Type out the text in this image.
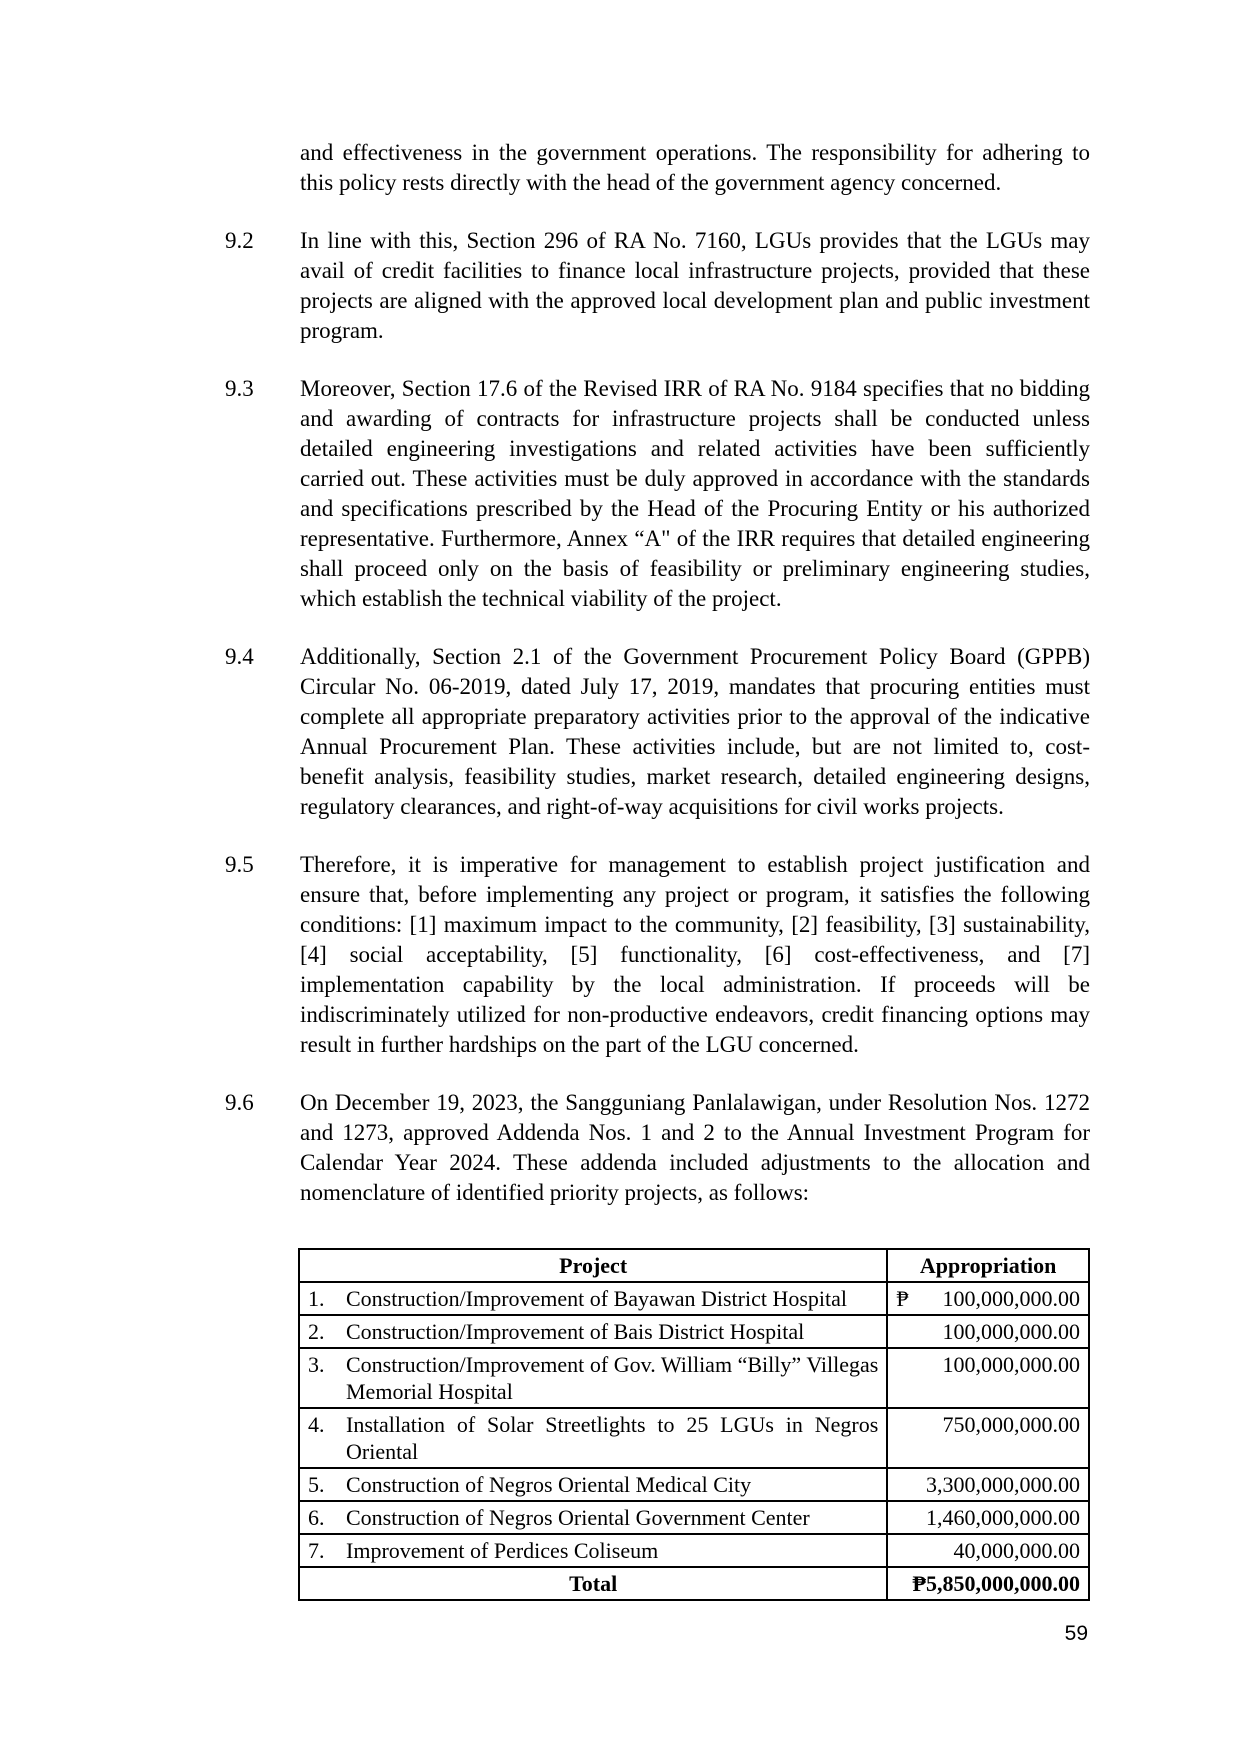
and effectiveness in the government operations. The responsibility for adhering to this policy rests directly with the head of the government agency concerned.
9.2	In line with this, Section 296 of RA No. 7160, LGUs provides that the LGUs may avail of credit facilities to finance local infrastructure projects, provided that these projects are aligned with the approved local development plan and public investment program.
9.3	Moreover, Section 17.6 of the Revised IRR of RA No. 9184 specifies that no bidding and awarding of contracts for infrastructure projects shall be conducted unless detailed engineering investigations and related activities have been sufficiently carried out. These activities must be duly approved in accordance with the standards and specifications prescribed by the Head of the Procuring Entity or his authorized representative. Furthermore, Annex “A" of the IRR requires that detailed engineering shall proceed only on the basis of feasibility or preliminary engineering studies, which establish the technical viability of the project.
9.4	Additionally, Section 2.1 of the Government Procurement Policy Board (GPPB) Circular No. 06-2019, dated July 17, 2019, mandates that procuring entities must complete all appropriate preparatory activities prior to the approval of the indicative Annual Procurement Plan. These activities include, but are not limited to, cost-benefit analysis, feasibility studies, market research, detailed engineering designs, regulatory clearances, and right-of-way acquisitions for civil works projects.
9.5	Therefore, it is imperative for management to establish project justification and ensure that, before implementing any project or program, it satisfies the following conditions: [1] maximum impact to the community, [2] feasibility, [3] sustainability, [4] social acceptability, [5] functionality, [6] cost-effectiveness, and [7] implementation capability by the local administration. If proceeds will be indiscriminately utilized for non-productive endeavors, credit financing options may result in further hardships on the part of the LGU concerned.
9.6	On December 19, 2023, the Sangguniang Panlalawigan, under Resolution Nos. 1272 and 1273, approved Addenda Nos. 1 and 2 to the Annual Investment Program for Calendar Year 2024. These addenda included adjustments to the allocation and nomenclature of identified priority projects, as follows:
Project	Appropriation

1. Construction/Improvement of Bayawan District Hospital	₱ 100,000,000.00

2. Construction/Improvement of Bais District Hospital	100,000,000.00

3. Construction/Improvement of Gov. William “Billy” Villegas Memorial Hospital	100,000,000.00

4. Installation of Solar Streetlights to 25 LGUs in Negros Oriental	750,000,000.00

5. Construction of Negros Oriental Medical City	3,300,000,000.00

6. Construction of Negros Oriental Government Center	1,460,000,000.00

7. Improvement of Perdices Coliseum	40,000,000.00

Total	₱5,850,000,000.00
59
